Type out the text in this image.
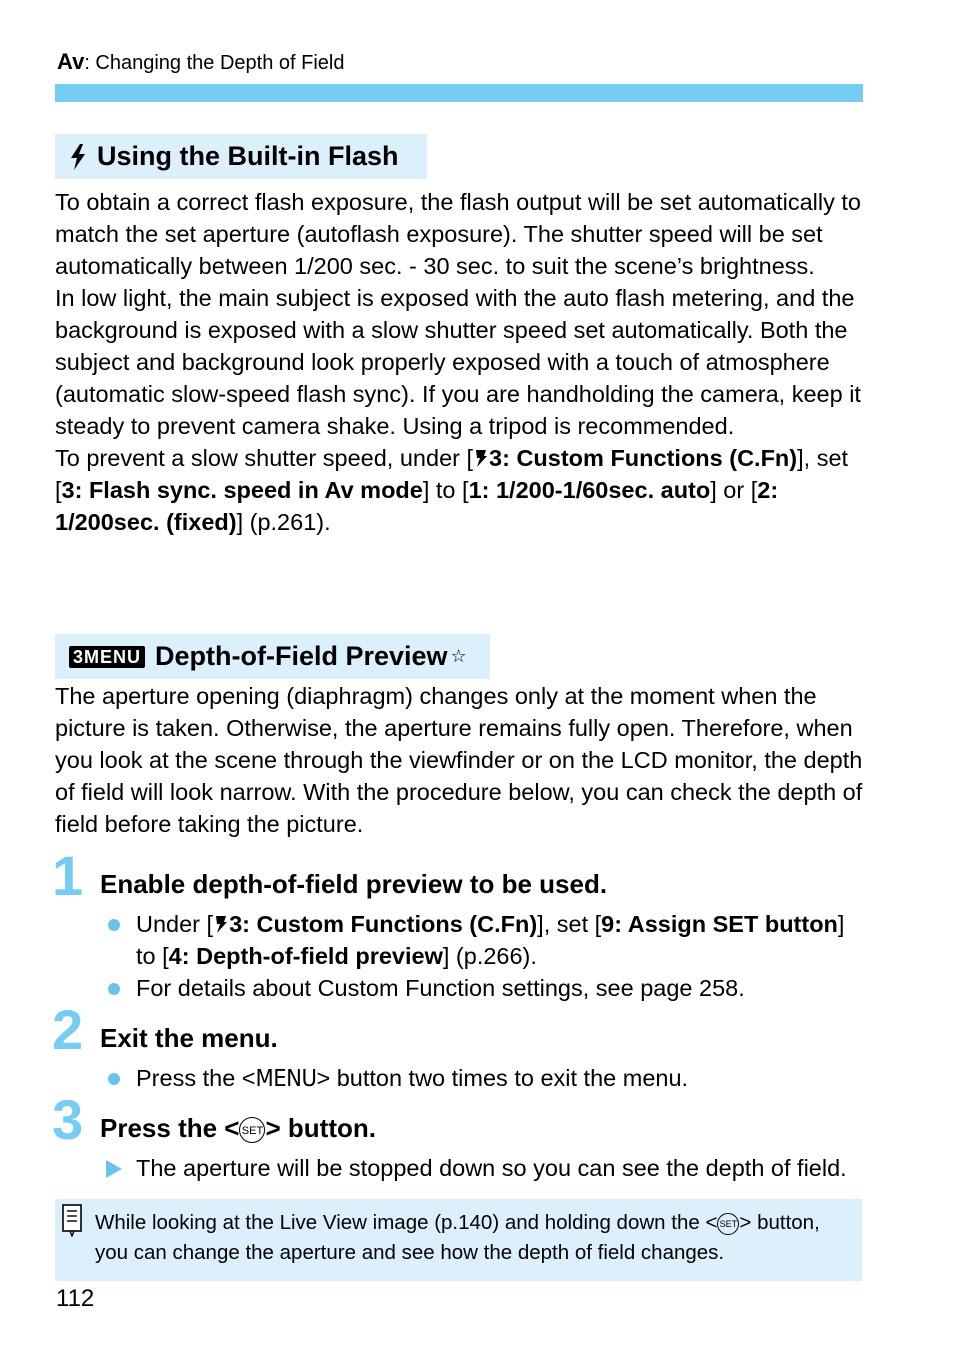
Av: Changing the Depth of Field
Using the Built-in Flash

To obtain a correct flash exposure, the flash output will be set automatically to match the set aperture (autoflash exposure). The shutter speed will be set automatically between 1/200 sec. - 30 sec. to suit the scene’s brightness.

In low light, the main subject is exposed with the auto flash metering, and the background is exposed with a slow shutter speed set automatically. Both the subject and background look properly exposed with a touch of atmosphere (automatic slow-speed flash sync). If you are handholding the camera, keep it steady to prevent camera shake. Using a tripod is recommended.

To prevent a slow shutter speed, under [ 3: Custom Functions (C.Fn)], set [3: Flash sync. speed in Av mode] to [1: 1/200-1/60sec. auto] or [2: 1/200sec. (fixed)] (p.261).

3MENU Depth-of-Field Preview ☆

The aperture opening (diaphragm) changes only at the moment when the picture is taken. Otherwise, the aperture remains fully open. Therefore, when you look at the scene through the viewfinder or on the LCD monitor, the depth of field will look narrow. With the procedure below, you can check the depth of field before taking the picture.

1 Enable depth-of-field preview to be used.
Under [ 3: Custom Functions (C.Fn)], set [9: Assign SET button] to [4: Depth-of-field preview] (p.266).
For details about Custom Function settings, see page 258.
2 Exit the menu.
Press the <MENU> button two times to exit the menu.
3 Press the < SET> button.
The aperture will be stopped down so you can see the depth of field.
While looking at the Live View image (p.140) and holding down the < SET > button, you can change the aperture and see how the depth of field changes.
112
